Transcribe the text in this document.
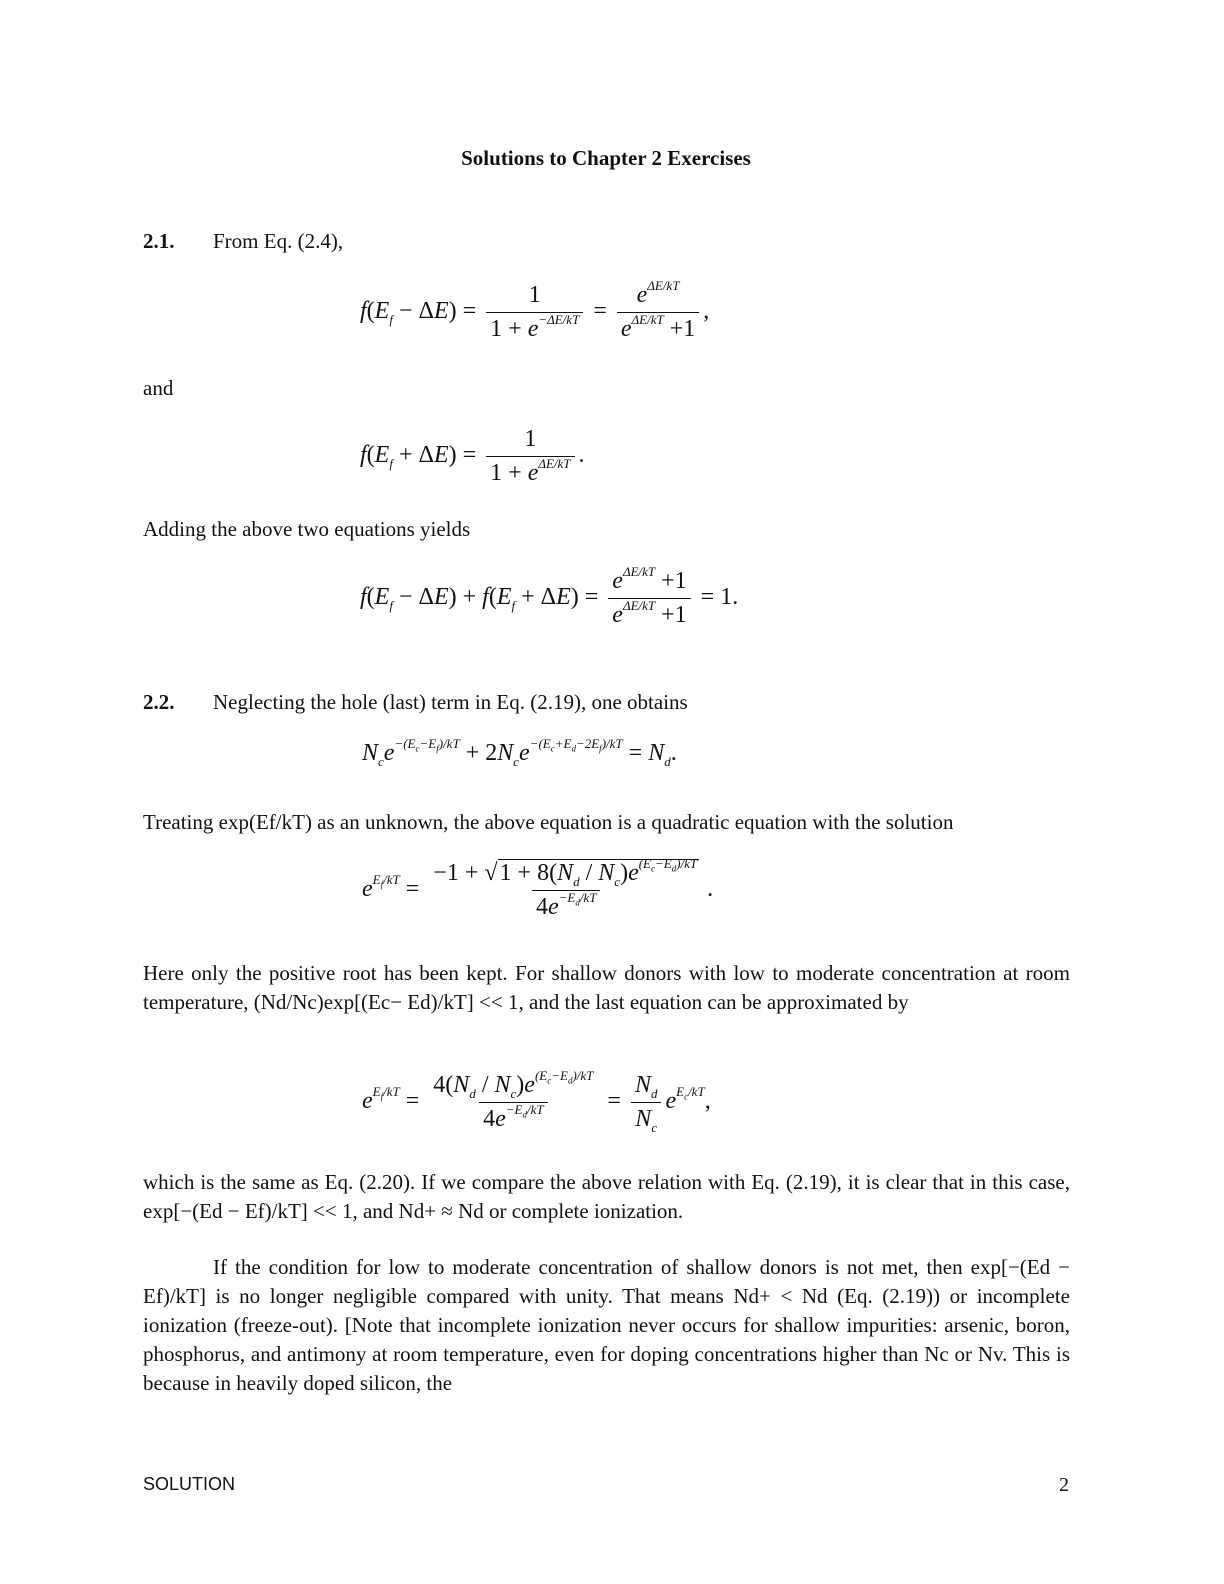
Solutions to Chapter 2 Exercises
2.1. From Eq. (2.4),
$f(E_f - \Delta E) = \frac{1}{1 + e^{-\Delta E/kT}} = \frac{e^{\Delta E/kT}}{e^{\Delta E/kT} +1}$ ,
and
$f(E_f + \Delta E) = \frac{1}{1 + e^{\Delta E/kT}}$ .
Adding the above two equations yields
$f(E_f - \Delta E) + f(E_f + \Delta E) = \frac{e^{\Delta E/kT} +1}{e^{\Delta E/kT} +1} = 1$.
2.2. Neglecting the hole (last) term in Eq. (2.19), one obtains
$N_ce^{-(E_c-E_f)/kT} + 2N_ce^{-(E_c+E_d-2E_f)/kT} = N_d$.
Treating exp(Ef/kT) as an unknown, the above equation is a quadratic equation with the solution
$e^{E_f/kT} = \frac{-1 + √1 + 8(N_d / N_c)e^{(E_c-E_d)/kT}}{4e^{-E_d/kT}}$ .
Here only the positive root has been kept. For shallow donors with low to moderate concentration at room temperature, (Nd/Nc)exp[(Ec− Ed)/kT] << 1, and the last equation can be approximated by
$e^{E_f/kT} = \frac{4(N_d / N_c)e^{(E_c-E_d)/kT}}{4e^{-E_d/kT}} = \frac{N_d}{N_c} e^{E_c/kT}$,
which is the same as Eq. (2.20). If we compare the above relation with Eq. (2.19), it is clear that in this case, exp[−(Ed − Ef)/kT] << 1, and Nd+ ≈ Nd or complete ionization.
If the condition for low to moderate concentration of shallow donors is not met, then exp[−(Ed − Ef)/kT] is no longer negligible compared with unity. That means Nd+ < Nd (Eq. (2.19)) or incomplete ionization (freeze-out). [Note that incomplete ionization never occurs for shallow impurities: arsenic, boron, phosphorus, and antimony at room temperature, even for doping concentrations higher than Nc or Nv. This is because in heavily doped silicon, the
SOLUTION	2
